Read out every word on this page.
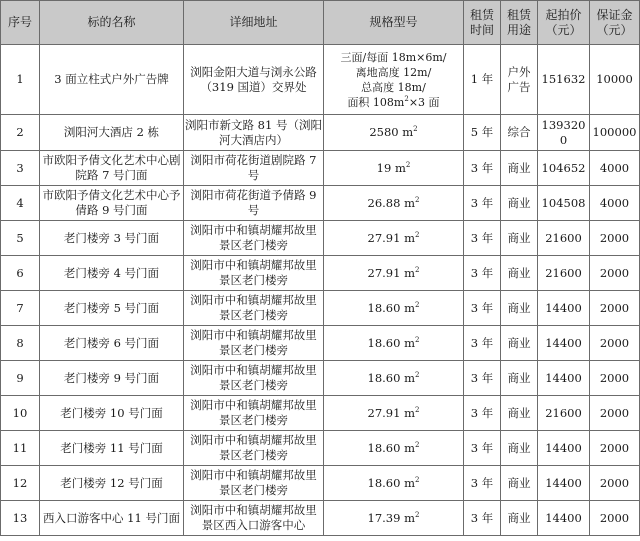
序号	标的名称	详细地址	规格型号	租赁时间	租赁用途	起拍价（元）	保证金（元）
1	3 面立柱式户外广告牌	浏阳金阳大道与浏永公路（319 国道）交界处	三面/每面 18m×6m/
离地高度 12m/
总高度 18m/
面积 $108m^2\times 3$ 面	1 年	户外广告	151632	10000
2	浏阳河大酒店 2 栋	浏阳市新文路 81 号（浏阳河大酒店内）	2580 $m^2$	5 年	综合	1393200	100000
3	市欧阳予倩文化艺术中心剧院路 7 号门面	浏阳市荷花街道剧院路 7 号	19 $m^2$	3 年	商业	104652	4000
4	市欧阳予倩文化艺术中心予倩路 9 号门面	浏阳市荷花街道予倩路 9 号	26.88 $m^2$	3 年	商业	104508	4000
5	老门楼旁 3 号门面	浏阳市中和镇胡耀邦故里景区老门楼旁	27.91 $m^2$	3 年	商业	21600	2000
6	老门楼旁 4 号门面	浏阳市中和镇胡耀邦故里景区老门楼旁	27.91 $m^2$	3 年	商业	21600	2000
7	老门楼旁 5 号门面	浏阳市中和镇胡耀邦故里景区老门楼旁	18.60 $m^2$	3 年	商业	14400	2000
8	老门楼旁 6 号门面	浏阳市中和镇胡耀邦故里景区老门楼旁	18.60 $m^2$	3 年	商业	14400	2000
9	老门楼旁 9 号门面	浏阳市中和镇胡耀邦故里景区老门楼旁	18.60 $m^2$	3 年	商业	14400	2000
10	老门楼旁 10 号门面	浏阳市中和镇胡耀邦故里景区老门楼旁	27.91 $m^2$	3 年	商业	21600	2000
11	老门楼旁 11 号门面	浏阳市中和镇胡耀邦故里景区老门楼旁	18.60 $m^2$	3 年	商业	14400	2000
12	老门楼旁 12 号门面	浏阳市中和镇胡耀邦故里景区老门楼旁	18.60 $m^2$	3 年	商业	14400	2000
13	西入口游客中心 11 号门面	浏阳市中和镇胡耀邦故里景区西入口游客中心	17.39 $m^2$	3 年	商业	14400	2000
